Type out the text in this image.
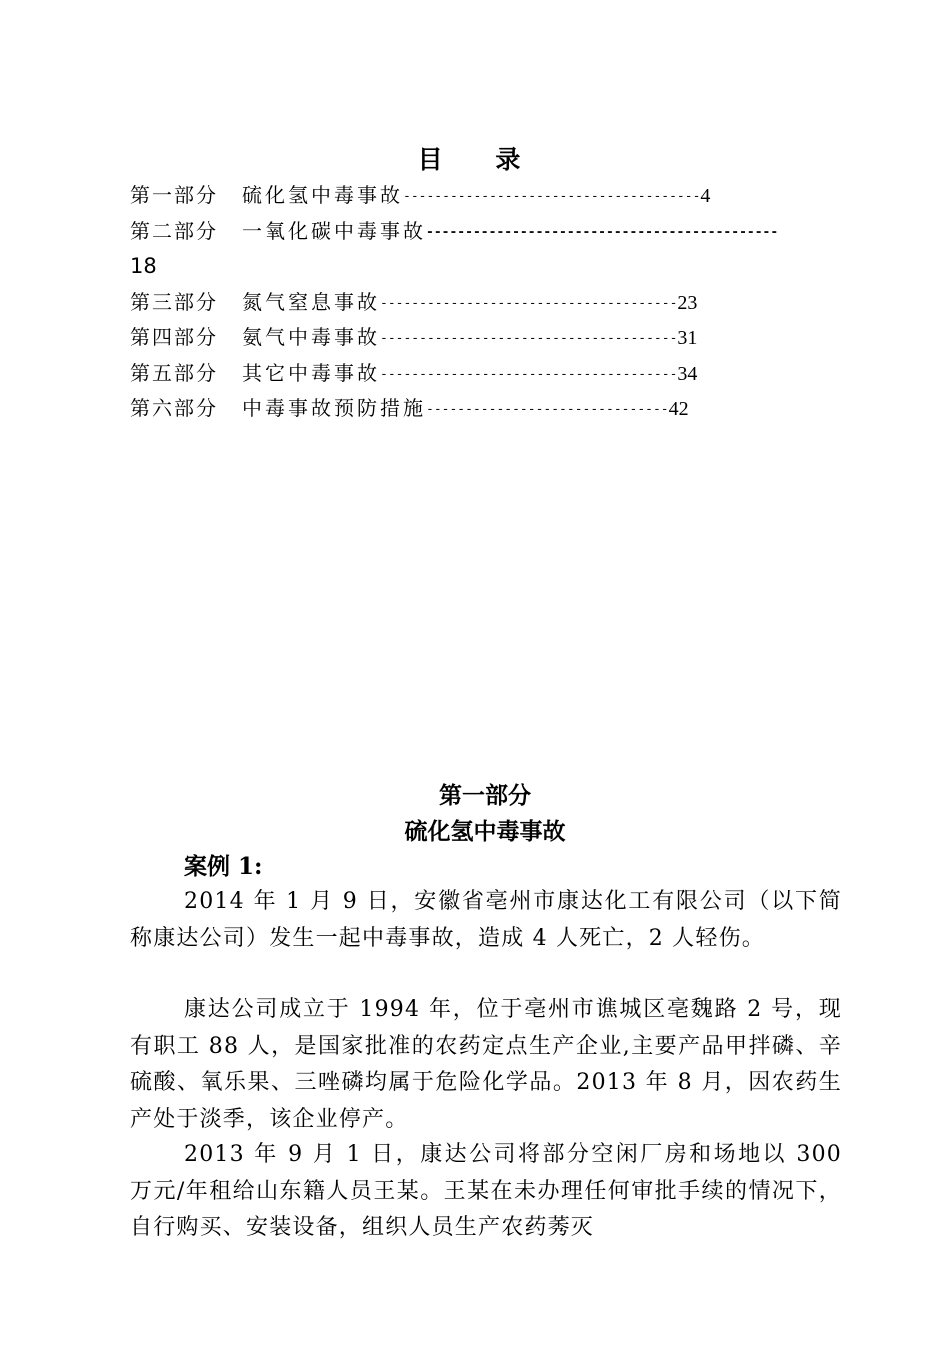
目 录
第一部分 硫化氢中毒事故--------------------------------------4
第二部分 一氧化碳中毒事故---------------------------------------------
18
第三部分 氮气窒息事故--------------------------------------23
第四部分 氨气中毒事故--------------------------------------31
第五部分 其它中毒事故--------------------------------------34
第六部分 中毒事故预防措施-------------------------------42
第一部分
硫化氢中毒事故
案例 1:
2014 年 1 月 9 日，安徽省亳州市康达化工有限公司（以下简称康达公司）发生一起中毒事故，造成 4 人死亡，2 人轻伤。
康达公司成立于 1994 年，位于亳州市谯城区亳魏路 2 号，现有职工 88 人，是国家批准的农药定点生产企业,主要产品甲拌磷、辛硫酸、氧乐果、三唑磷均属于危险化学品。2013 年 8 月，因农药生产处于淡季，该企业停产。
2013 年 9 月 1 日，康达公司将部分空闲厂房和场地以 300 万元/年租给山东籍人员王某。王某在未办理任何审批手续的情况下，自行购买、安装设备，组织人员生产农药莠灭
